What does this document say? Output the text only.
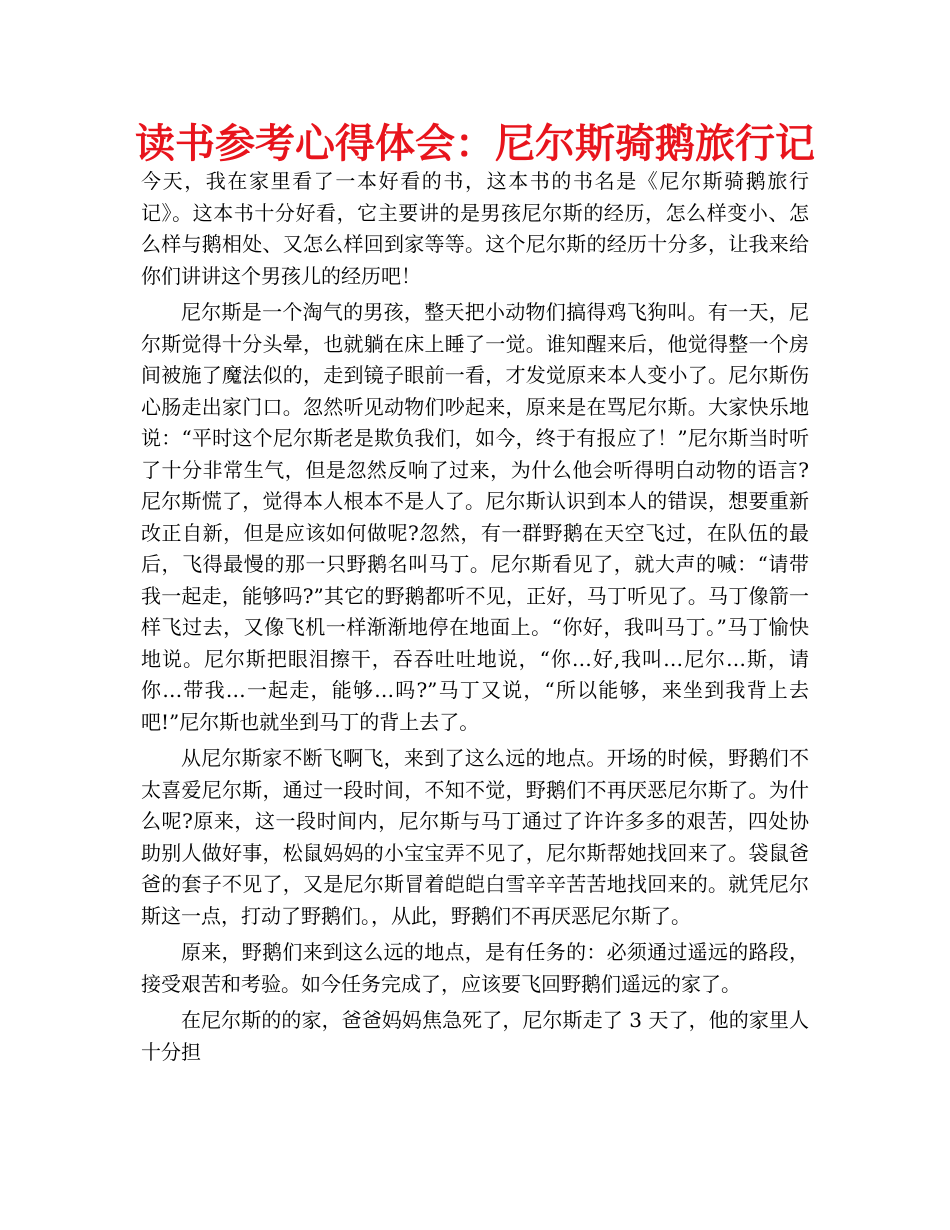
读书参考心得体会：尼尔斯骑鹅旅行记

今天，我在家里看了一本好看的书，这本书的书名是《尼尔斯骑鹅旅行记》。这本书十分好看，它主要讲的是男孩尼尔斯的经历，怎么样变小、怎么样与鹅相处、又怎么样回到家等等。这个尼尔斯的经历十分多，让我来给你们讲讲这个男孩儿的经历吧！

尼尔斯是一个淘气的男孩，整天把小动物们搞得鸡飞狗叫。有一天，尼尔斯觉得十分头晕，也就躺在床上睡了一觉。谁知醒来后，他觉得整一个房间被施了魔法似的，走到镜子眼前一看，才发觉原来本人变小了。尼尔斯伤心肠走出家门口。忽然听见动物们吵起来，原来是在骂尼尔斯。大家快乐地说：“平时这个尼尔斯老是欺负我们，如今，终于有报应了！”尼尔斯当时听了十分非常生气，但是忽然反响了过来，为什么他会听得明白动物的语言?尼尔斯慌了，觉得本人根本不是人了。尼尔斯认识到本人的错误，想要重新改正自新，但是应该如何做呢?忽然，有一群野鹅在天空飞过，在队伍的最后，飞得最慢的那一只野鹅名叫马丁。尼尔斯看见了，就大声的喊：“请带我一起走，能够吗?”其它的野鹅都听不见，正好，马丁听见了。马丁像箭一样飞过去，又像飞机一样渐渐地停在地面上。“你好，我叫马丁。”马丁愉快地说。尼尔斯把眼泪擦干，吞吞吐吐地说，“你…好,我叫…尼尔…斯，请你…带我…一起走，能够…吗?”马丁又说，“所以能够，来坐到我背上去吧!”尼尔斯也就坐到马丁的背上去了。

从尼尔斯家不断飞啊飞，来到了这么远的地点。开场的时候，野鹅们不太喜爱尼尔斯，通过一段时间，不知不觉，野鹅们不再厌恶尼尔斯了。为什么呢?原来，这一段时间内，尼尔斯与马丁通过了许许多多的艰苦，四处协助别人做好事，松鼠妈妈的小宝宝弄不见了，尼尔斯帮她找回来了。袋鼠爸爸的套子不见了，又是尼尔斯冒着皑皑白雪辛辛苦苦地找回来的。就凭尼尔斯这一点，打动了野鹅们。，从此，野鹅们不再厌恶尼尔斯了。

原来，野鹅们来到这么远的地点，是有任务的：必须通过遥远的路段，接受艰苦和考验。如今任务完成了，应该要飞回野鹅们遥远的家了。

在尼尔斯的的家，爸爸妈妈焦急死了，尼尔斯走了 3 天了，他的家里人十分担
